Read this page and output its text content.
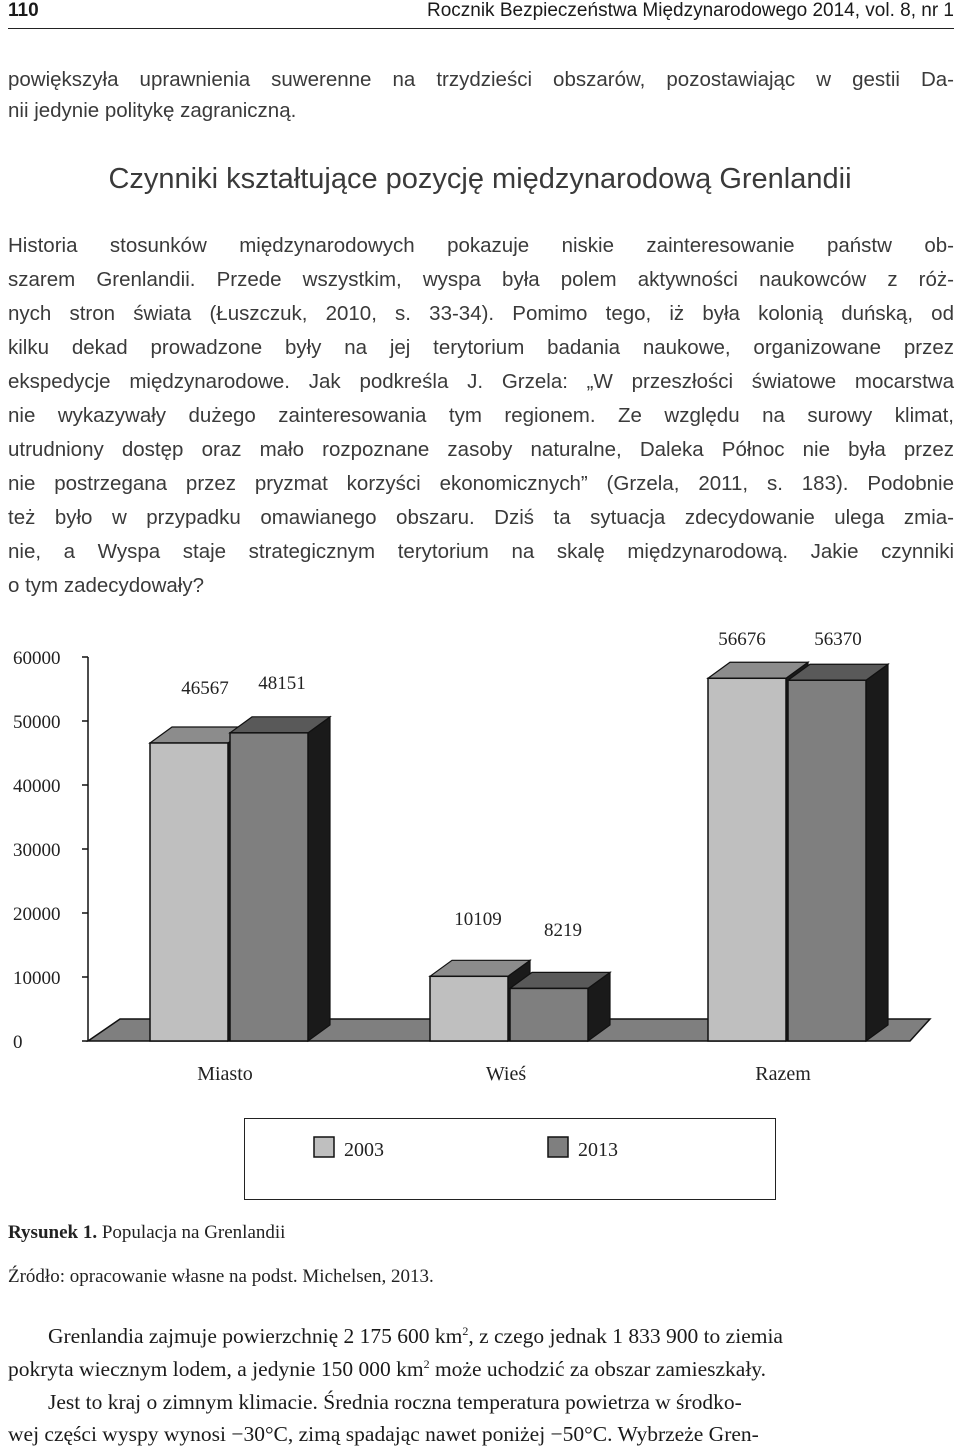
110	Rocznik Bezpieczeństwa Międzynarodowego 2014, vol. 8, nr 1
powiększyła uprawnienia suwerenne na trzydzieści obszarów, pozostawiając w gestii Da-
nii jedynie politykę zagraniczną.
Czynniki kształtujące pozycję międzynarodową Grenlandii
Historia stosunków międzynarodowych pokazuje niskie zainteresowanie państw ob-
szarem Grenlandii. Przede wszystkim, wyspa była polem aktywności naukowców z róż-
nych stron świata (Łuszczuk, 2010, s. 33-34). Pomimo tego, iż była kolonią duńską, od
kilku dekad prowadzone były na jej terytorium badania naukowe, organizowane przez
ekspedycje międzynarodowe. Jak podkreśla J. Grzela: „W przeszłości światowe mocarstwa
nie wykazywały dużego zainteresowania tym regionem. Ze względu na surowy klimat,
utrudniony dostęp oraz mało rozpoznane zasoby naturalne, Daleka Północ nie była przez
nie postrzegana przez pryzmat korzyści ekonomicznych” (Grzela, 2011, s. 183). Podobnie
też było w przypadku omawianego obszaru. Dziś ta sytuacja zdecydowanie ulega zmia-
nie, a Wyspa staje strategicznym terytorium na skalę międzynarodową. Jakie czynniki
o tym zadecydowały?
0
10000
20000
30000
40000
50000
60000
Miasto	Wieś	Razem
46567 48151
10109
8219
56676	56370
2003	2013
Rysunek 1. Populacja na Grenlandii
Źródło: opracowanie własne na podst. Michelsen, 2013.
Grenlandia zajmuje powierzchnię 2 175 600 $km^2$, z czego jednak 1 833 900 to ziemia
pokryta wiecznym lodem, a jedynie 150 000 $km^2$ może uchodzić za obszar zamieszkały.
Jest to kraj o zimnym klimacie. Średnia roczna temperatura powietrza w środko-
wej części wyspy wynosi −30°C, zimą spadając nawet poniżej −50°C. Wybrzeże Gren-
